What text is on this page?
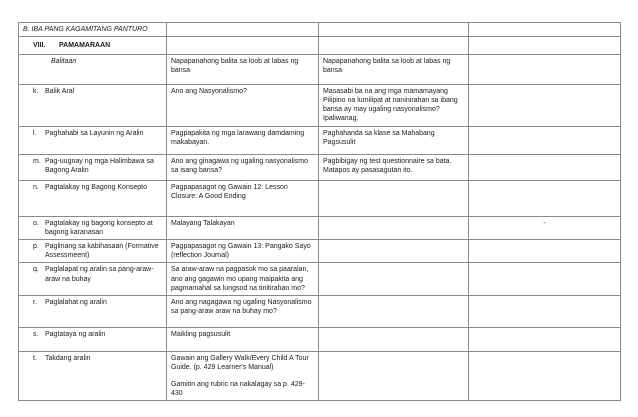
B. IBA PANG KAGAMITANG PANTURO			
VIII. PAMAMARAAN			
Balitaan	Napapanahong balita sa loob at labas ng bansa	Napapanahong balita sa loob at labas ng bansa	

k. Balik Aral	Ano ang Nasyonalismo?	Masasabi ba na ang mga mamamayang Pilipino na lumilipat at naninirahan sa ibang bansa ay may ugaling nasyonalismo? Ipaliwanag.	

l. Paghahabi sa Layunin ng Aralin	Pagpapakita ng mga larawang damdaming makabayan.	Paghahanda sa klase sa Mahabang Pagsusulit	

m. Pag-uugnay ng mga Halimbawa sa Bagong Aralin	Ano ang ginagawa ng ugaling nasyonalismo sa isang bansa?	Pagbibigay ng test questionnaire sa bata. Matapos ay pasasagutan ito.	

n. Pagtalakay ng Bagong Konsepto	Pagpapasagot ng Gawain 12: Lesson Closure: A Good Ending		

o. Pagtalakay ng bagong konsepto at bagong karanasan	Malayang Talakayan		-

p. Paglinang sa kabihasaan (Formative Assessmeent)	Pagpapasagot ng Gawain 13: Pangako Sayo (reflection Journal)		

q. Paglalapat ng aralin sa pang-araw-araw na buhay	Sa araw-araw na pagpasok mo sa paaralan, ano ang gagawin mo upang maipakita ang pagmamahal sa lungsod na tinitirahan mo?		

r. Paglalahat ng aralin	Ano ang nagagawa ng ugaling Nasyonalismo sa pang-araw araw na buhay mo?		

s. Pagtataya ng aralin	Maikling pagsusulit		

t. Takdang aralin	Gawain ang Gallery Walk/Every Child A Tour Guide. (p. 429 Learner's Manual)
Gamitin ang rubric na nakalagay sa p. 429-430		
